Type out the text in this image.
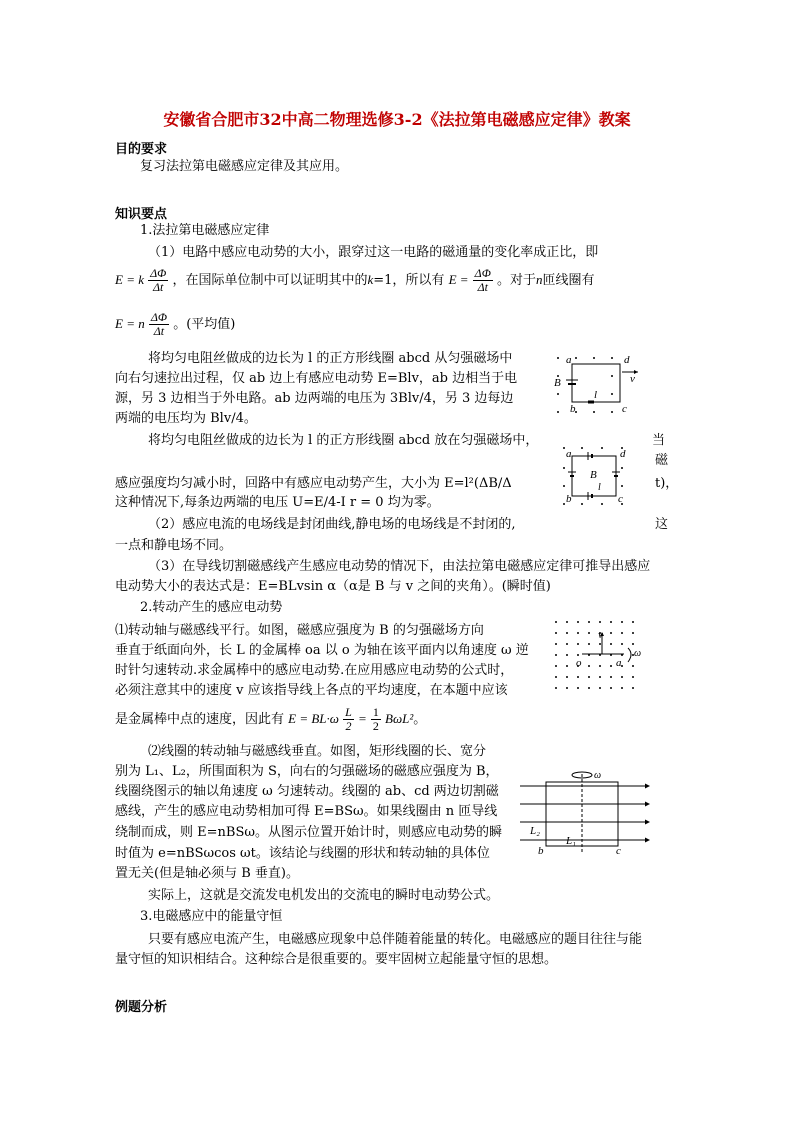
安徽省合肥市32中高二物理选修3-2《法拉第电磁感应定律》教案
目的要求
复习法拉第电磁感应定律及其应用。
知识要点
1.法拉第电磁感应定律
（1）电路中感应电动势的大小，跟穿过这一电路的磁通量的变化率成正比，即
E = k $\frac{\Delta\Phi}{\Delta t}$ ，在国际单位制中可以证明其中的k=1，所以有 $E = \frac{\Delta\Phi}{\Delta t}$ 。对于n匝线圈有
E = n $\frac{\Delta\Phi}{\Delta t}$ 。(平均值)
将均匀电阻丝做成的边长为 l 的正方形线圈 abcd 从匀强磁场中
向右匀速拉出过程，仅 ab 边上有感应电动势 E=Blv，ab 边相当于电
源，另 3 边相当于外电路。ab 边两端的电压为 3Blv/4，另 3 边每边
两端的电压均为 Blv/4。
a	d
B	v
l
b	c
将均匀电阻丝做成的边长为 l 的正方形线圈 abcd 放在匀强磁场中，	当
磁
感应强度均匀减小时，回路中有感应电动势产生，大小为 E=l²(ΔB/Δ	t)，
这种情况下,每条边两端的电压 U=E/4-I r = 0 均为零。
a	d
B
l
b	c
（2）感应电流的电场线是封闭曲线,静电场的电场线是不封闭的,	这
一点和静电场不同。
（3）在导线切割磁感线产生感应电动势的情况下，由法拉第电磁感应定律可推导出感应
电动势大小的表达式是：E=BLvsin α（α是 B 与 v 之间的夹角）。(瞬时值)
2.转动产生的感应电动势
⑴转动轴与磁感线平行。如图，磁感应强度为 B 的匀强磁场方向
垂直于纸面向外，长 L 的金属棒 oa 以 o 为轴在该平面内以角速度 ω 逆
时针匀速转动.求金属棒中的感应电动势.在应用感应电动势的公式时，
必须注意其中的速度 v 应该指导线上各点的平均速度，在本题中应该
是金属棒中点的速度，因此有 $E = BL\cdot\omega \frac{L}{2} = \frac{1}{2} B\omega L^2$。
v
o	a
ω
⑵线圈的转动轴与磁感线垂直。如图，矩形线圈的长、宽分
别为 L₁、L₂，所围面积为 S，向右的匀强磁场的磁感应强度为 B，
线圈绕图示的轴以角速度 ω 匀速转动。线圈的 ab、cd 两边切割磁
感线，产生的感应电动势相加可得 E=BSω。如果线圈由 n 匝导线
绕制而成，则 E=nBSω。从图示位置开始计时，则感应电动势的瞬
时值为 e=nBSωcos ωt。该结论与线圈的形状和转动轴的具体位
置无关(但是轴必须与 B 垂直)。
ω
L₂
L₁
b	c
实际上，这就是交流发电机发出的交流电的瞬时电动势公式。
3.电磁感应中的能量守恒
只要有感应电流产生，电磁感应现象中总伴随着能量的转化。电磁感应的题目往往与能
量守恒的知识相结合。这种综合是很重要的。要牢固树立起能量守恒的思想。
例题分析
